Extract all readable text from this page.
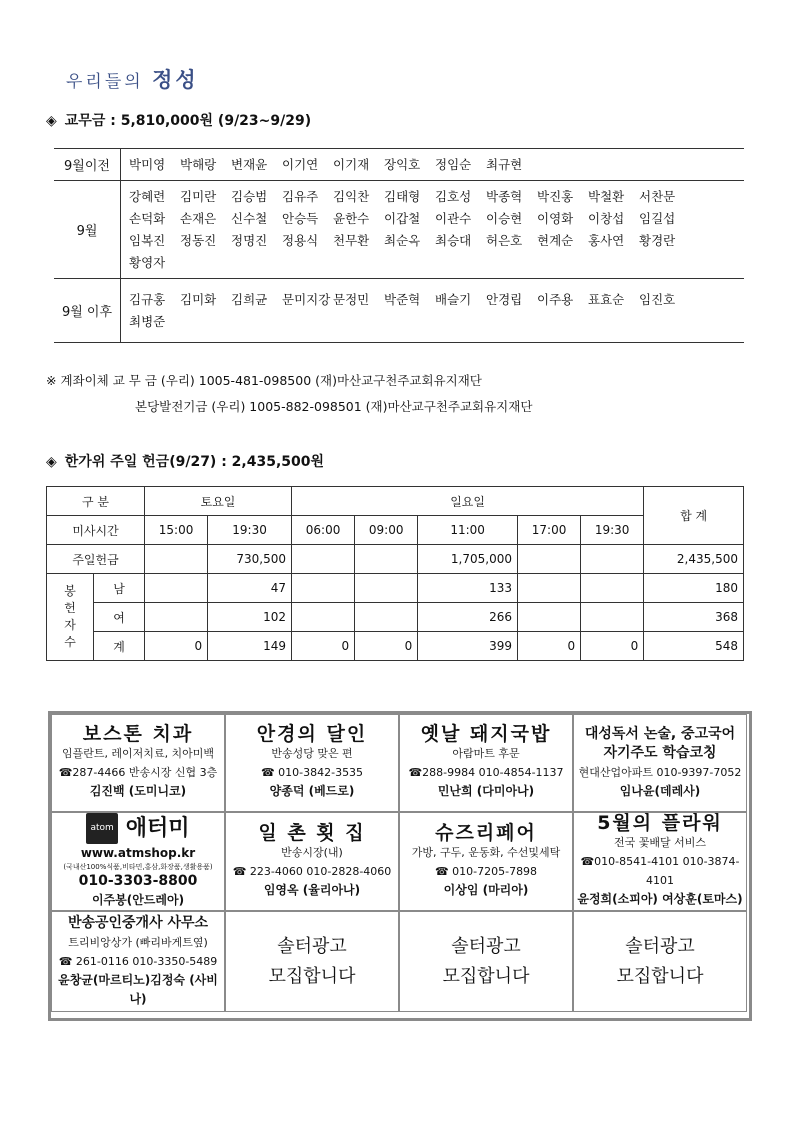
우리들의 정성
◈ 교무금 : 5,810,000원 (9/23~9/29)
9월이전	박미영 박해랑 변재윤 이기연 이기재 장익호 정임순 최규현
9월	강혜련 김미란 김승범 김유주 김익찬 김태형 김호성 박종혁 박진홍 박철환 서찬문손덕화 손재은 신수철 안승득 윤한수 이갑철 이관수 이승현 이영화 이창섭 임길섭임복진 정동진 정명진 정용식 천무환 최순옥 최승대 허은호 현계순 홍사연 황경란황영자
9월 이후	김규홍 김미화 김희균 문미지강 문정민 박준혁 배슬기 안경립 이주용 표효순 임진호최병준
※ 계좌이체 교 무 금 (우리) 1005-481-098500 (재)마산교구천주교회유지재단
본당발전기금 (우리) 1005-882-098501 (재)마산교구천주교회유지재단
◈ 한가위 주일 헌금(9/27) : 2,435,500원
구 분		토요일		일요일					합 계
미사시간		15:00	19:30	06:00	09:00	11:00	17:00	19:30	
주일헌금			730,500			1,705,000			2,435,500
봉
헌
자
수	남		47			133			180
	여		102			266			368
	계	0	149	0	0	399	0	0	548
보스톤 치과
임플란트, 레이저치료, 치아미백
☎287-4466 반송시장 신협 3층
김진백 (도미니코)
안경의 달인
반송성당 맞은 편
☎ 010-3842-3535
양종덕 (베드로)
옛날 돼지국밥
아람마트 후문
☎288-9984 010-4854-1137
민난희 (다미아나)
대성독서 논술, 중고국어
자기주도 학습코칭
현대산업아파트 010-9397-7052
임나윤(데레사)
atom 애터미
www.atmshop.kr
(국내산100%식품,비타민,홍삼,화장품,생활용품)
010-3303-8800
이주봉(안드레아)
일 촌 횟 집
반송시장(내)
☎ 223-4060 010-2828-4060
임영옥 (율리아나)
슈즈리페어
가방, 구두, 운동화, 수선및세탁
☎ 010-7205-7898
이상임 (마리아)
5월의 플라워
전국 꽃배달 서비스
☎010-8541-4101 010-3874-4101
윤정희(소피아) 여상훈(토마스)
반송공인중개사 사무소
트리비앙상가 (빠리바게트옆)
☎ 261-0116 010-3350-5489
윤창균(마르티노)김정숙 (사비나)
솔터광고
모집합니다
솔터광고
모집합니다
솔터광고
모집합니다
